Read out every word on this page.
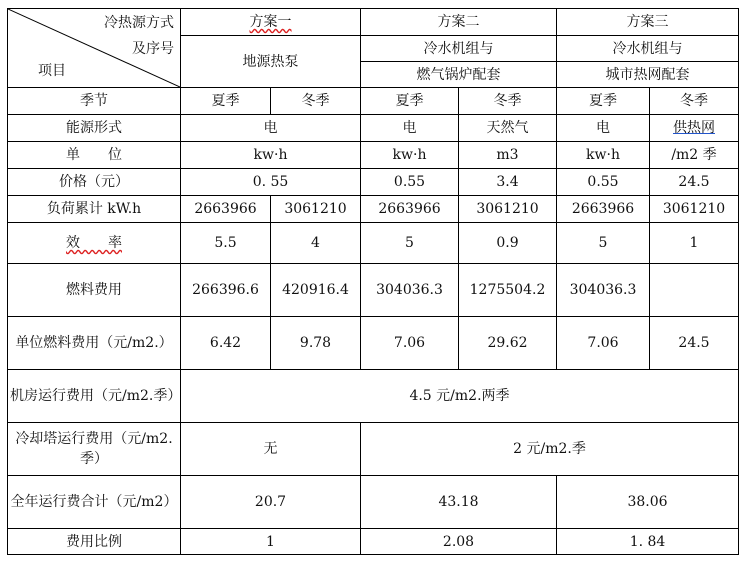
冷热源方式
及序号
项目	方案一		方案二		方案三	
	地源热泵		冷水机组与		冷水机组与	
			燃气锅炉配套		城市热网配套	
季节	夏季	冬季	夏季	冬季	夏季	冬季
能源形式	电		电	天然气	电	供热网
单　　位	kw·h		kw·h	m3	kw·h	/m2 季
价格（元）	0. 55		0.55	3.4	0.55	24.5
负荷累计 kW.h	2663966	3061210	2663966	3061210	2663966	3061210
效　　率	5.5	4	5	0.9	5	1
燃料费用	266396.6	420916.4	304036.3	1275504.2	304036.3	
单位燃料费用（元/m2.）	6.42	9.78	7.06	29.62	7.06	24.5
机房运行费用（元/m2.季）	4.5 元/m2.两季					
冷却塔运行费用（元/m2.季）	无		2 元/m2.季			
全年运行费合计（元/m2）	20.7		43.18		38.06	
费用比例	1		2.08		1. 84	
